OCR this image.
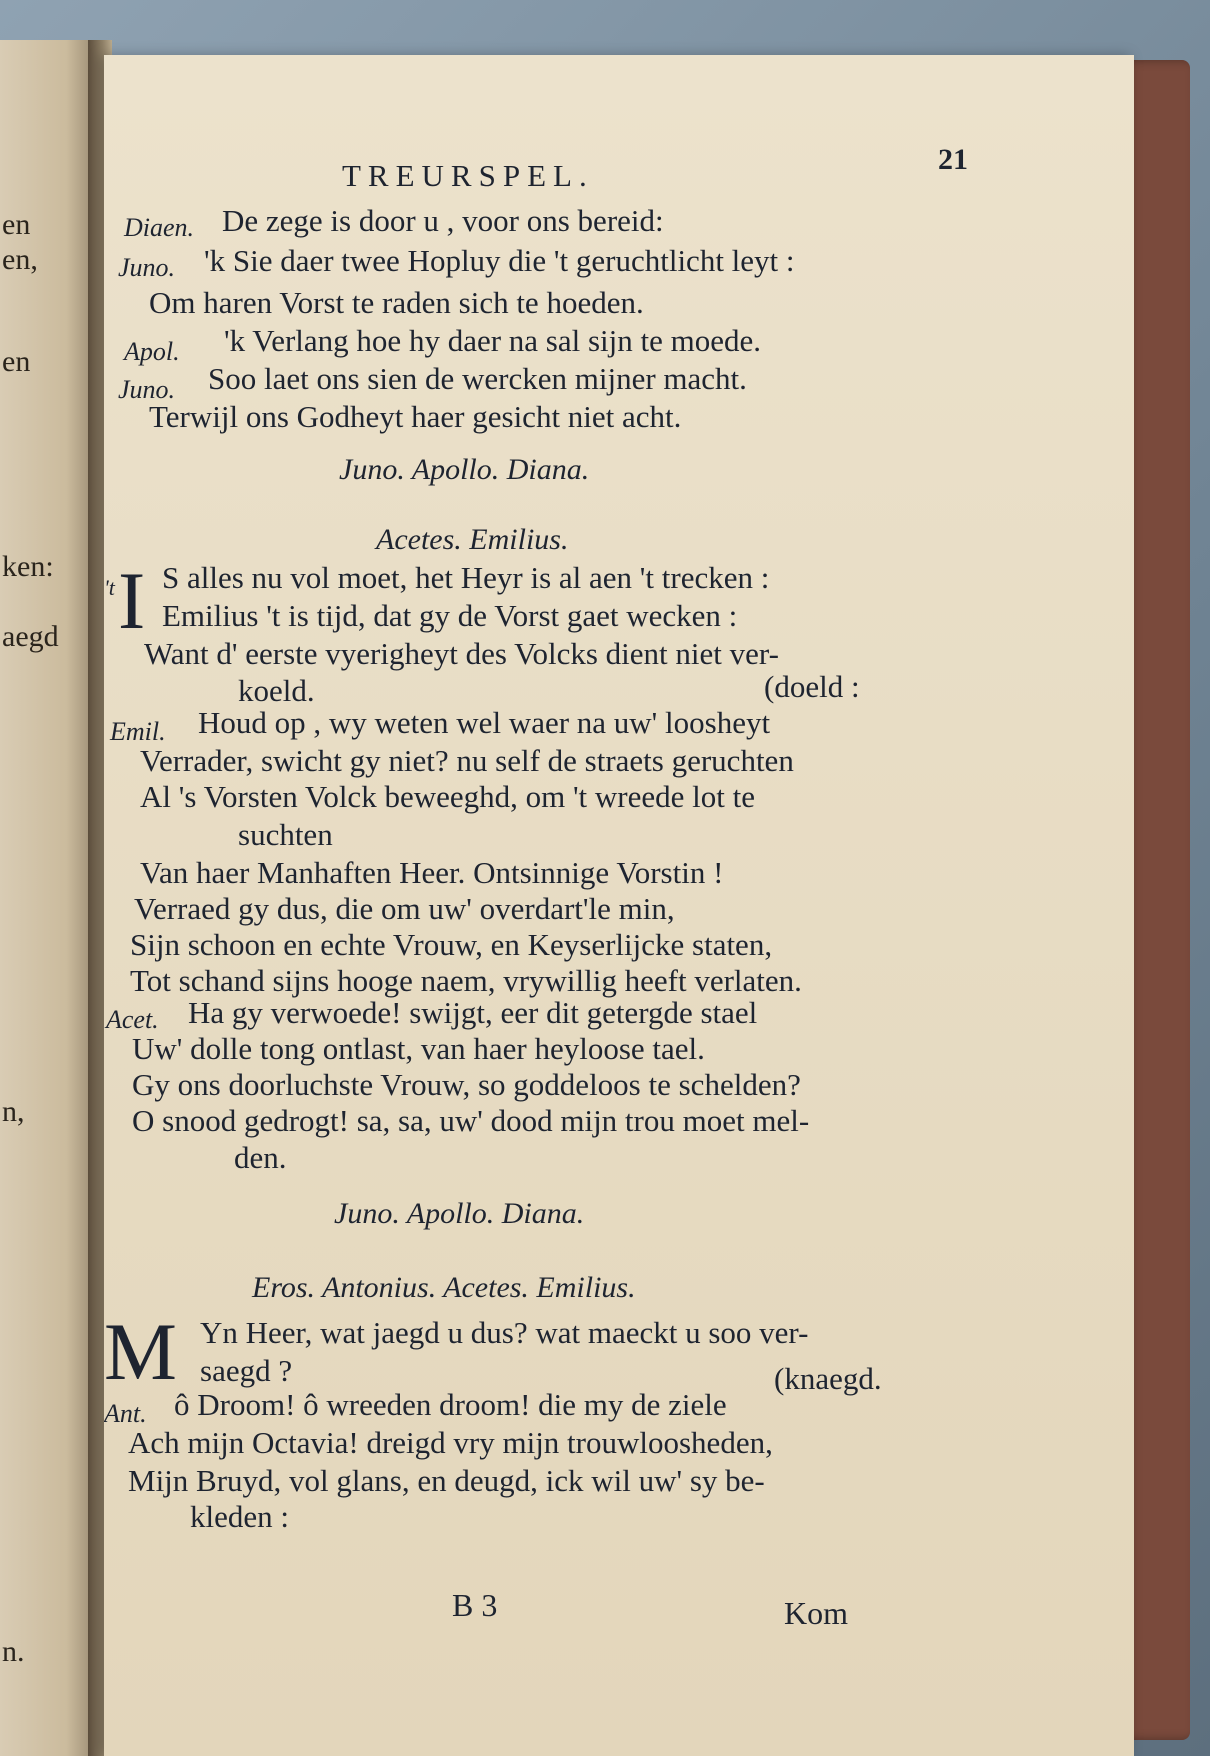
en
en,
en
ken:
aegd
n,
n.
TREURSPEL.	21
Diaen. De zege is door u , voor ons bereid:
Juno. 'k Sie daer twee Hopluy die 't geruchtlicht leyt :
Om haren Vorst te raden sich te hoeden.
Apol. 'k Verlang hoe hy daer na sal sijn te moede.
Juno. Soo laet ons sien de wercken mijner macht.
Terwijl ons Godheyt haer gesicht niet acht.
Juno. Apollo. Diana.
Acetes. Emilius.
't I S alles nu vol moet, het Heyr is al aen 't trecken :
Emilius 't is tijd, dat gy de Vorst gaet wecken :
Want d' eerste vyerigheyt des Volcks dient niet ver-
koeld.	(doeld :
Emil. Houd op , wy weten wel waer na uw' loosheyt
Verrader, swicht gy niet? nu self de straets geruchten
Al 's Vorsten Volck beweeghd, om 't wreede lot te
suchten
Van haer Manhaften Heer. Ontsinnige Vorstin !
Verraed gy dus, die om uw' overdart'le min,
Sijn schoon en echte Vrouw, en Keyserlijcke staten,
Tot schand sijns hooge naem, vrywillig heeft verlaten.
Acet. Ha gy verwoede! swijgt, eer dit getergde stael
Uw' dolle tong ontlast, van haer heyloose tael.
Gy ons doorluchste Vrouw, so goddeloos te schelden?
O snood gedrogt! sa, sa, uw' dood mijn trou moet mel-
den.
Juno. Apollo. Diana.
Eros. Antonius. Acetes. Emilius.
M Yn Heer, wat jaegd u dus? wat maeckt u soo ver-
saegd ?	(knaegd.
Ant. ô Droom! ô wreeden droom! die my de ziele
Ach mijn Octavia! dreigd vry mijn trouwloosheden,
Mijn Bruyd, vol glans, en deugd, ick wil uw' sy be-
kleden :
B 3	Kom
